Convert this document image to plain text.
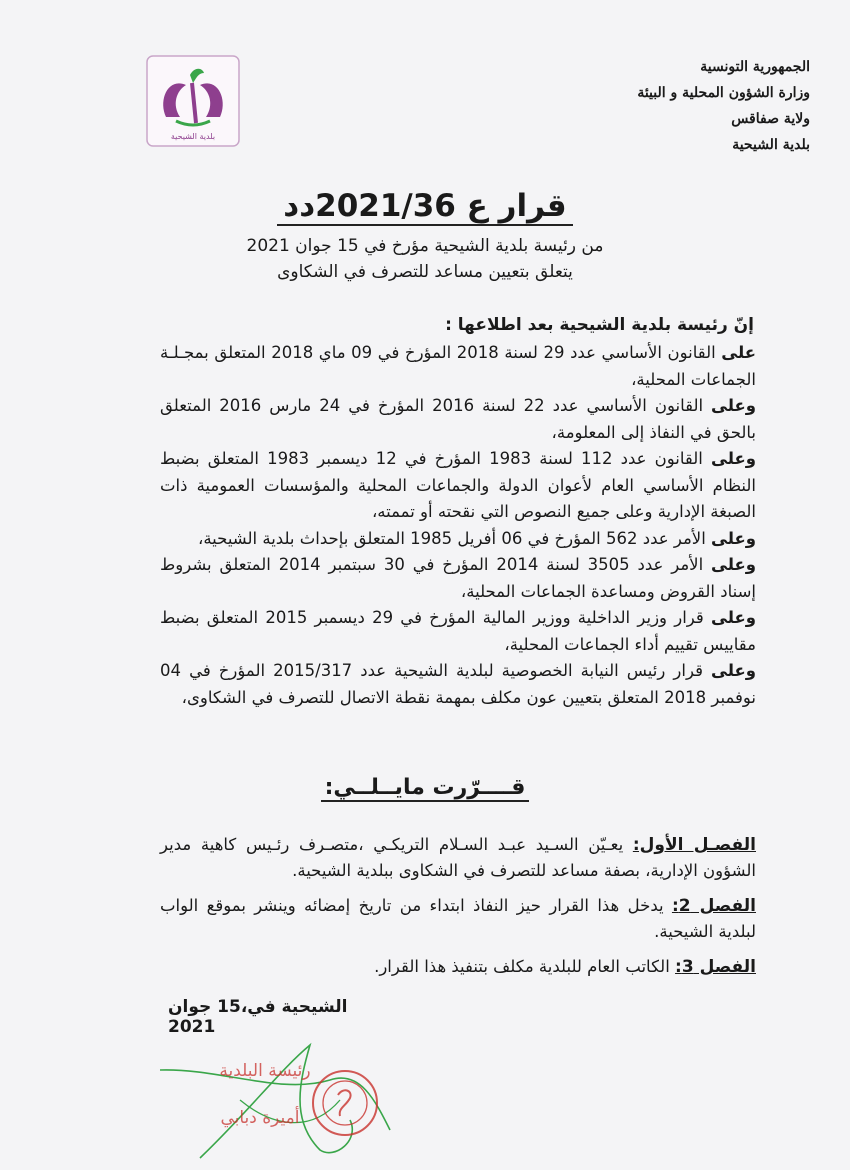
بلدية الشيحية
الجمهورية التونسية
وزارة الشؤون المحلية و البيئة
ولاية صفاقس
بلدية الشيحية
قرار ع 2021/36دد
من رئيسة بلدية الشيحية مؤرخ في 15 جوان 2021
يتعلق بتعيين مساعد للتصرف في الشكاوى
إنّ رئيسة بلدية الشيحية بعد اطلاعها :

على القانون الأساسي عدد 29 لسنة 2018 المؤرخ في 09 ماي 2018 المتعلق بمجـلـة الجماعات المحلية،

وعلى القانون الأساسي عدد 22 لسنة 2016 المؤرخ في 24 مارس 2016 المتعلق بالحق في النفاذ إلى المعلومة،

وعلى القانون عدد 112 لسنة 1983 المؤرخ في 12 ديسمبر 1983 المتعلق بضبط النظام الأساسي العام لأعوان الدولة والجماعات المحلية والمؤسسات العمومية ذات الصبغة الإدارية وعلى جميع النصوص التي نقحته أو تممته،

وعلى الأمر عدد 562 المؤرخ في 06 أفريل 1985 المتعلق بإحداث بلدية الشيحية،

وعلى الأمر عدد 3505 لسنة 2014 المؤرخ في 30 سبتمبر 2014 المتعلق بشروط إسناد القروض ومساعدة الجماعات المحلية،

وعلى قرار وزير الداخلية ووزير المالية المؤرخ في 29 ديسمبر 2015 المتعلق بضبط مقاييس تقييم أداء الجماعات المحلية،

وعلى قرار رئيس النيابة الخصوصية لبلدية الشيحية عدد 2015/317 المؤرخ في 04 نوفمبر 2018 المتعلق بتعيين عون مكلف بمهمة نقطة الاتصال للتصرف في الشكاوى،

قــــرّرت مايــلــي:

الفصـل الأول: يعـيّن السـيد عبـد السـلام التريكـي ،متصـرف رئـيس كاهية مدير الشؤون الإدارية، بصفة مساعد للتصرف في الشكاوى ببلدية الشيحية.

الفصل 2: يدخل هذا القرار حيز النفاذ ابتداء من تاريخ إمضائه وينشر بموقع الواب لبلدية الشيحية.

الفصل 3: الكاتب العام للبلدية مكلف بتنفيذ هذا القرار.

الشيحية في،15 جوان 2021
رئيسة البلدية
أميرة دبابي
